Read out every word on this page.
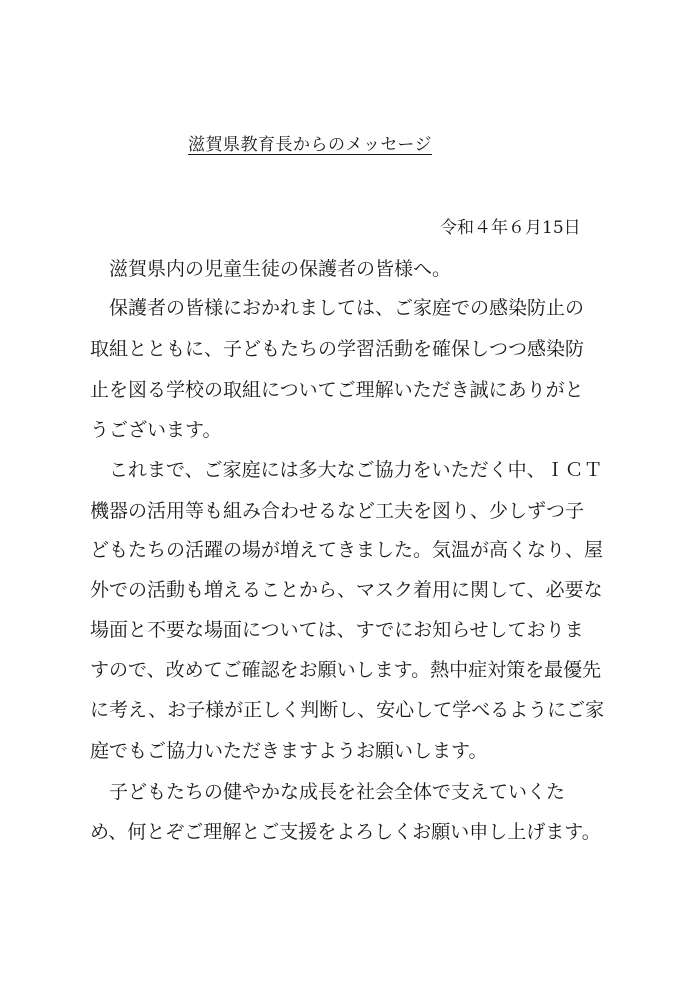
滋賀県教育長からのメッセージ
令和４年６月15日
　滋賀県内の児童生徒の保護者の皆様へ。
　保護者の皆様におかれましては、ご家庭での感染防止の
取組とともに、子どもたちの学習活動を確保しつつ感染防
止を図る学校の取組についてご理解いただき誠にありがと
うございます。
　これまで、ご家庭には多大なご協力をいただく中、ＩＣＴ
機器の活用等も組み合わせるなど工夫を図り、少しずつ子
どもたちの活躍の場が増えてきました。気温が高くなり、屋
外での活動も増えることから、マスク着用に関して、必要な
場面と不要な場面については、すでにお知らせしておりま
すので、改めてご確認をお願いします。熱中症対策を最優先
に考え、お子様が正しく判断し、安心して学べるようにご家
庭でもご協力いただきますようお願いします。
　子どもたちの健やかな成長を社会全体で支えていくた
め、何とぞご理解とご支援をよろしくお願い申し上げます。
